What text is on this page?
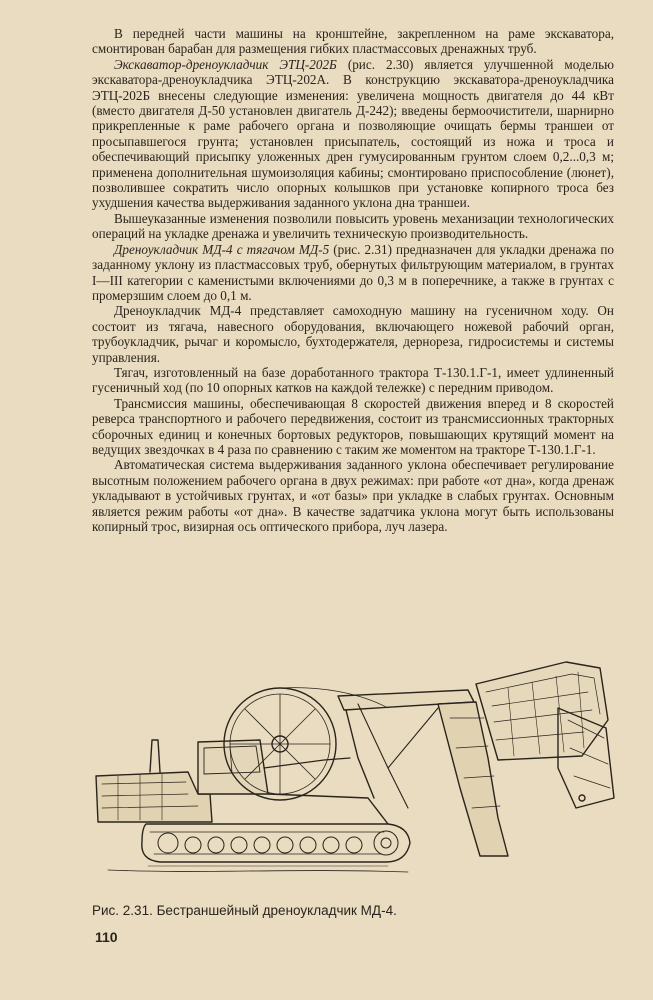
В передней части машины на кронштейне, закрепленном на раме экскаватора, смонтирован барабан для размещения гибких пластмассовых дренажных труб.

Экскаватор-дреноукладчик ЭТЦ-202Б (рис. 2.30) является улучшенной моделью экскаватора-дреноукладчика ЭТЦ-202А. В конструкцию экскаватора-дреноукладчика ЭТЦ-202Б внесены следующие изменения: увеличена мощность двигателя до 44 кВт (вместо двигателя Д-50 установлен двигатель Д-242); введены бермоочистители, шарнирно прикрепленные к раме рабочего органа и позволяющие очищать бермы траншеи от просыпавшегося грунта; установлен присыпатель, состоящий из ножа и троса и обеспечивающий присыпку уложенных дрен гумусированным грунтом слоем 0,2...0,3 м; применена дополнительная шумоизоляция кабины; смонтировано приспособление (люнет), позволившее сократить число опорных колышков при установке копирного троса без ухудшения качества выдерживания заданного уклона дна траншеи.

Вышеуказанные изменения позволили повысить уровень механизации технологических операций на укладке дренажа и увеличить техническую производительность.

Дреноукладчик МД-4 с тягачом МД-5 (рис. 2.31) предназначен для укладки дренажа по заданному уклону из пластмассовых труб, обернутых фильтрующим материалом, в грунтах I—III категории с каменистыми включениями до 0,3 м в поперечнике, а также в грунтах с промерзшим слоем до 0,1 м.

Дреноукладчик МД-4 представляет самоходную машину на гусеничном ходу. Он состоит из тягача, навесного оборудования, включающего ножевой рабочий орган, трубоукладчик, рычаг и коромысло, бухтодержателя, дернореза, гидросистемы и системы управления.

Тягач, изготовленный на базе доработанного трактора Т-130.1.Г-1, имеет удлиненный гусеничный ход (по 10 опорных катков на каждой тележке) с передним приводом.

Трансмиссия машины, обеспечивающая 8 скоростей движения вперед и 8 скоростей реверса транспортного и рабочего передвижения, состоит из трансмиссионных тракторных сборочных единиц и конечных бортовых редукторов, повышающих крутящий момент на ведущих звездочках в 4 раза по сравнению с таким же моментом на тракторе Т-130.1.Г-1.

Автоматическая система выдерживания заданного уклона обеспечивает регулирование высотным положением рабочего органа в двух режимах: при работе «от дна», когда дренаж укладывают в устойчивых грунтах, и «от базы» при укладке в слабых грунтах. Основным является режим работы «от дна». В качестве задатчика уклона могут быть использованы копирный трос, визирная ось оптического прибора, луч лазера.

Рис. 2.31. Бестраншейный дреноукладчик МД-4.
110
